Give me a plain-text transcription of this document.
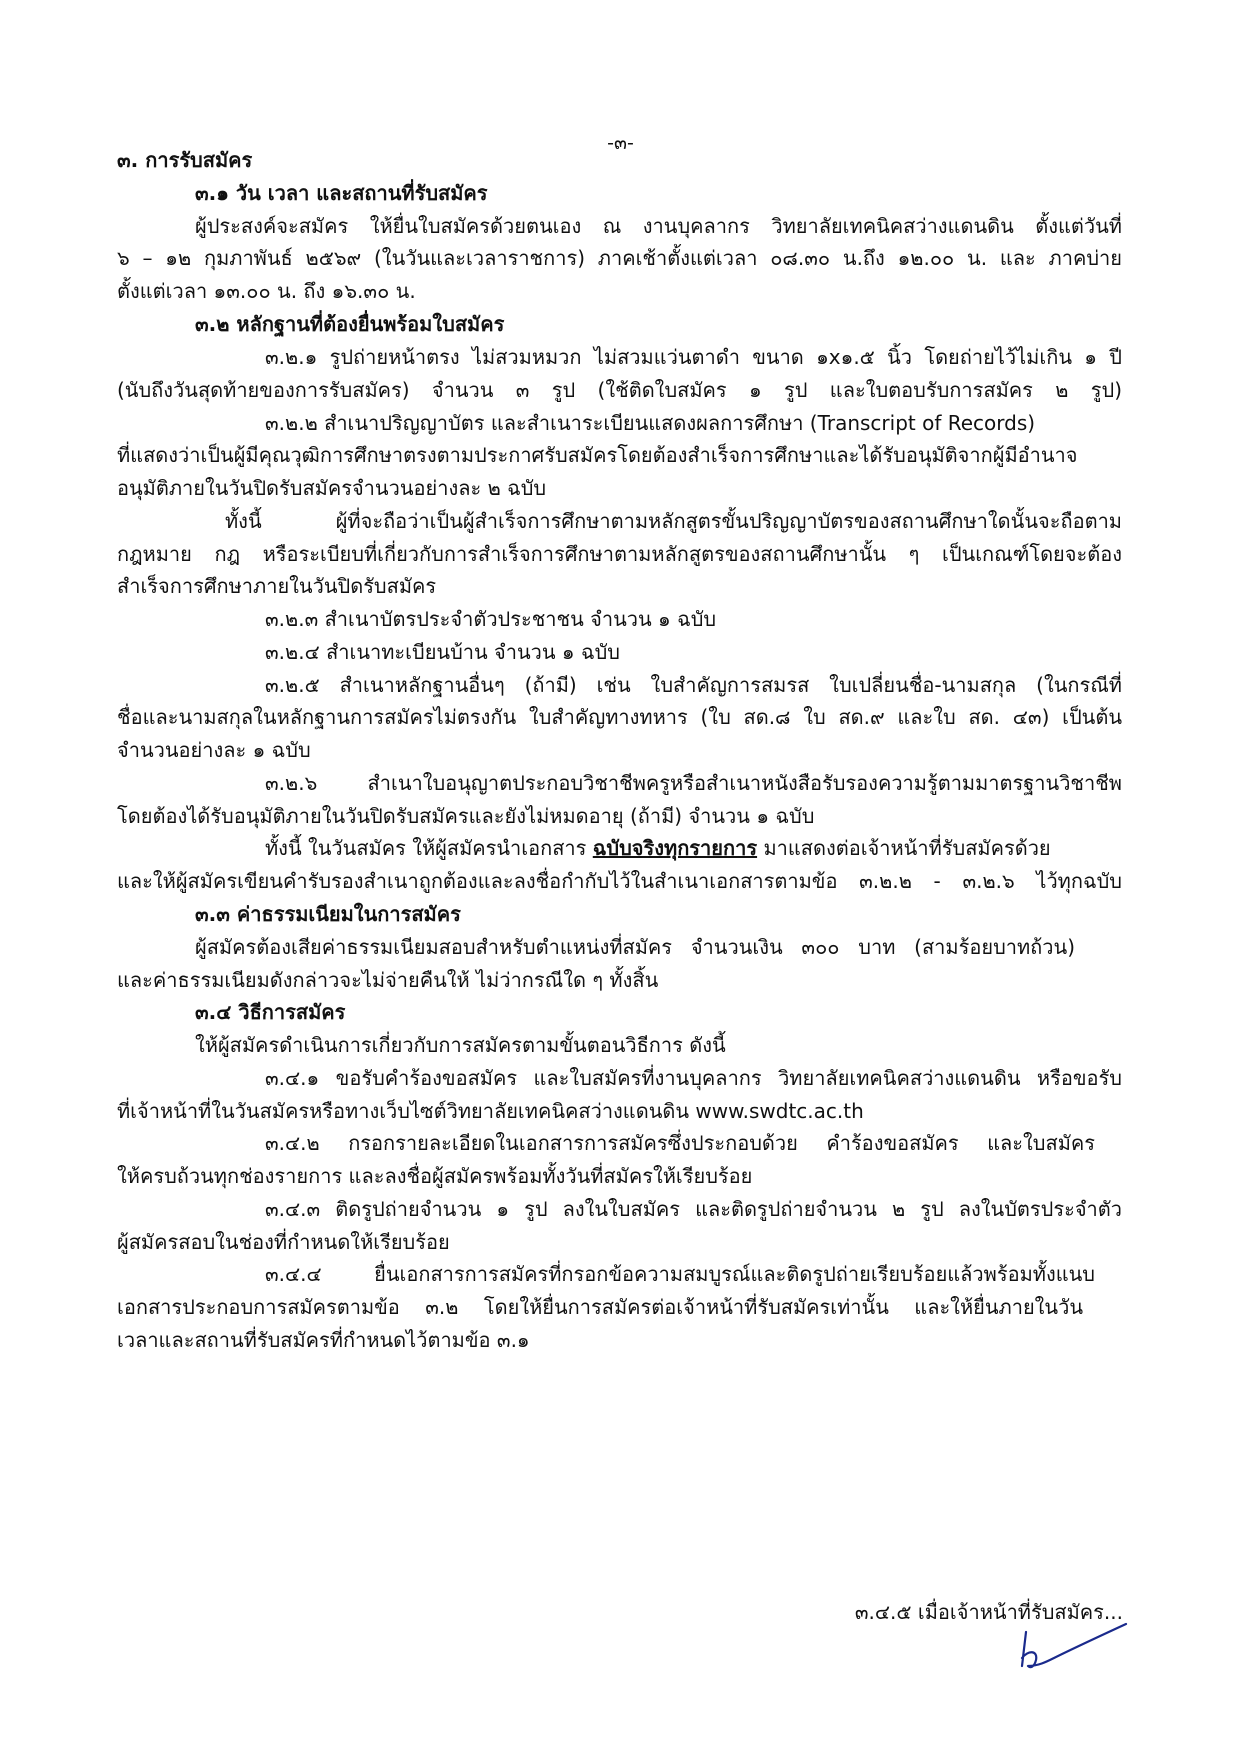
-๓-
๓. การรับสมัคร
๓.๑ วัน เวลา และสถานที่รับสมัคร
ผู้ประสงค์จะสมัคร ให้ยื่นใบสมัครด้วยตนเอง ณ งานบุคลากร วิทยาลัยเทคนิคสว่างแดนดิน ตั้งแต่วันที่
๖ – ๑๒ กุมภาพันธ์ ๒๕๖๙ (ในวันและเวลาราชการ) ภาคเช้าตั้งแต่เวลา ๐๘.๓๐ น.ถึง ๑๒.๐๐ น. และ ภาคบ่าย
ตั้งแต่เวลา ๑๓.๐๐ น. ถึง ๑๖.๓๐ น.
๓.๒ หลักฐานที่ต้องยื่นพร้อมใบสมัคร
๓.๒.๑ รูปถ่ายหน้าตรง ไม่สวมหมวก ไม่สวมแว่นตาดำ ขนาด ๑x๑.๕ นิ้ว โดยถ่ายไว้ไม่เกิน ๑ ปี
(นับถึงวันสุดท้ายของการรับสมัคร) จำนวน ๓ รูป (ใช้ติดใบสมัคร ๑ รูป และใบตอบรับการสมัคร ๒ รูป)
๓.๒.๒ สำเนาปริญญาบัตร และสำเนาระเบียนแสดงผลการศึกษา (Transcript of Records)
ที่แสดงว่าเป็นผู้มีคุณวุฒิการศึกษาตรงตามประกาศรับสมัครโดยต้องสำเร็จการศึกษาและได้รับอนุมัติจากผู้มีอำนาจ
อนุมัติภายในวันปิดรับสมัครจำนวนอย่างละ ๒ ฉบับ
ทั้งนี้ ผู้ที่จะถือว่าเป็นผู้สำเร็จการศึกษาตามหลักสูตรขั้นปริญญาบัตรของสถานศึกษาใดนั้นจะถือตาม
กฎหมาย กฎ หรือระเบียบที่เกี่ยวกับการสำเร็จการศึกษาตามหลักสูตรของสถานศึกษานั้น ๆ เป็นเกณฑ์โดยจะต้อง
สำเร็จการศึกษาภายในวันปิดรับสมัคร
๓.๒.๓ สำเนาบัตรประจำตัวประชาชน จำนวน ๑ ฉบับ
๓.๒.๔ สำเนาทะเบียนบ้าน จำนวน ๑ ฉบับ
๓.๒.๕ สำเนาหลักฐานอื่นๆ (ถ้ามี) เช่น ใบสำคัญการสมรส ใบเปลี่ยนชื่อ-นามสกุล (ในกรณีที่
ชื่อและนามสกุลในหลักฐานการสมัครไม่ตรงกัน ใบสำคัญทางทหาร (ใบ สด.๘ ใบ สด.๙ และใบ สด. ๔๓) เป็นต้น
จำนวนอย่างละ ๑ ฉบับ
๓.๒.๖ สำเนาใบอนุญาตประกอบวิชาชีพครูหรือสำเนาหนังสือรับรองความรู้ตามมาตรฐานวิชาชีพ
โดยต้องได้รับอนุมัติภายในวันปิดรับสมัครและยังไม่หมดอายุ (ถ้ามี) จำนวน ๑ ฉบับ
ทั้งนี้ ในวันสมัคร ให้ผู้สมัครนำเอกสาร ฉบับจริงทุกรายการ มาแสดงต่อเจ้าหน้าที่รับสมัครด้วย
และให้ผู้สมัครเขียนคำรับรองสำเนาถูกต้องและลงชื่อกำกับไว้ในสำเนาเอกสารตามข้อ ๓.๒.๒ - ๓.๒.๖ ไว้ทุกฉบับ
๓.๓ ค่าธรรมเนียมในการสมัคร
ผู้สมัครต้องเสียค่าธรรมเนียมสอบสำหรับตำแหน่งที่สมัคร จำนวนเงิน ๓๐๐ บาท (สามร้อยบาทถ้วน)
และค่าธรรมเนียมดังกล่าวจะไม่จ่ายคืนให้ ไม่ว่ากรณีใด ๆ ทั้งสิ้น
๓.๔ วิธีการสมัคร
ให้ผู้สมัครดำเนินการเกี่ยวกับการสมัครตามขั้นตอนวิธีการ ดังนี้
๓.๔.๑ ขอรับคำร้องขอสมัคร และใบสมัครที่งานบุคลากร วิทยาลัยเทคนิคสว่างแดนดิน หรือขอรับ
ที่เจ้าหน้าที่ในวันสมัครหรือทางเว็บไซต์วิทยาลัยเทคนิคสว่างแดนดิน www.swdtc.ac.th
๓.๔.๒ กรอกรายละเอียดในเอกสารการสมัครซึ่งประกอบด้วย คำร้องขอสมัคร และใบสมัคร
ให้ครบถ้วนทุกช่องรายการ และลงชื่อผู้สมัครพร้อมทั้งวันที่สมัครให้เรียบร้อย
๓.๔.๓ ติดรูปถ่ายจำนวน ๑ รูป ลงในใบสมัคร และติดรูปถ่ายจำนวน ๒ รูป ลงในบัตรประจำตัว
ผู้สมัครสอบในช่องที่กำหนดให้เรียบร้อย
๓.๔.๔ ยื่นเอกสารการสมัครที่กรอกข้อความสมบูรณ์และติดรูปถ่ายเรียบร้อยแล้วพร้อมทั้งแนบ
เอกสารประกอบการสมัครตามข้อ ๓.๒ โดยให้ยื่นการสมัครต่อเจ้าหน้าที่รับสมัครเท่านั้น และให้ยื่นภายในวัน
เวลาและสถานที่รับสมัครที่กำหนดไว้ตามข้อ ๓.๑
๓.๔.๕ เมื่อเจ้าหน้าที่รับสมัคร...
